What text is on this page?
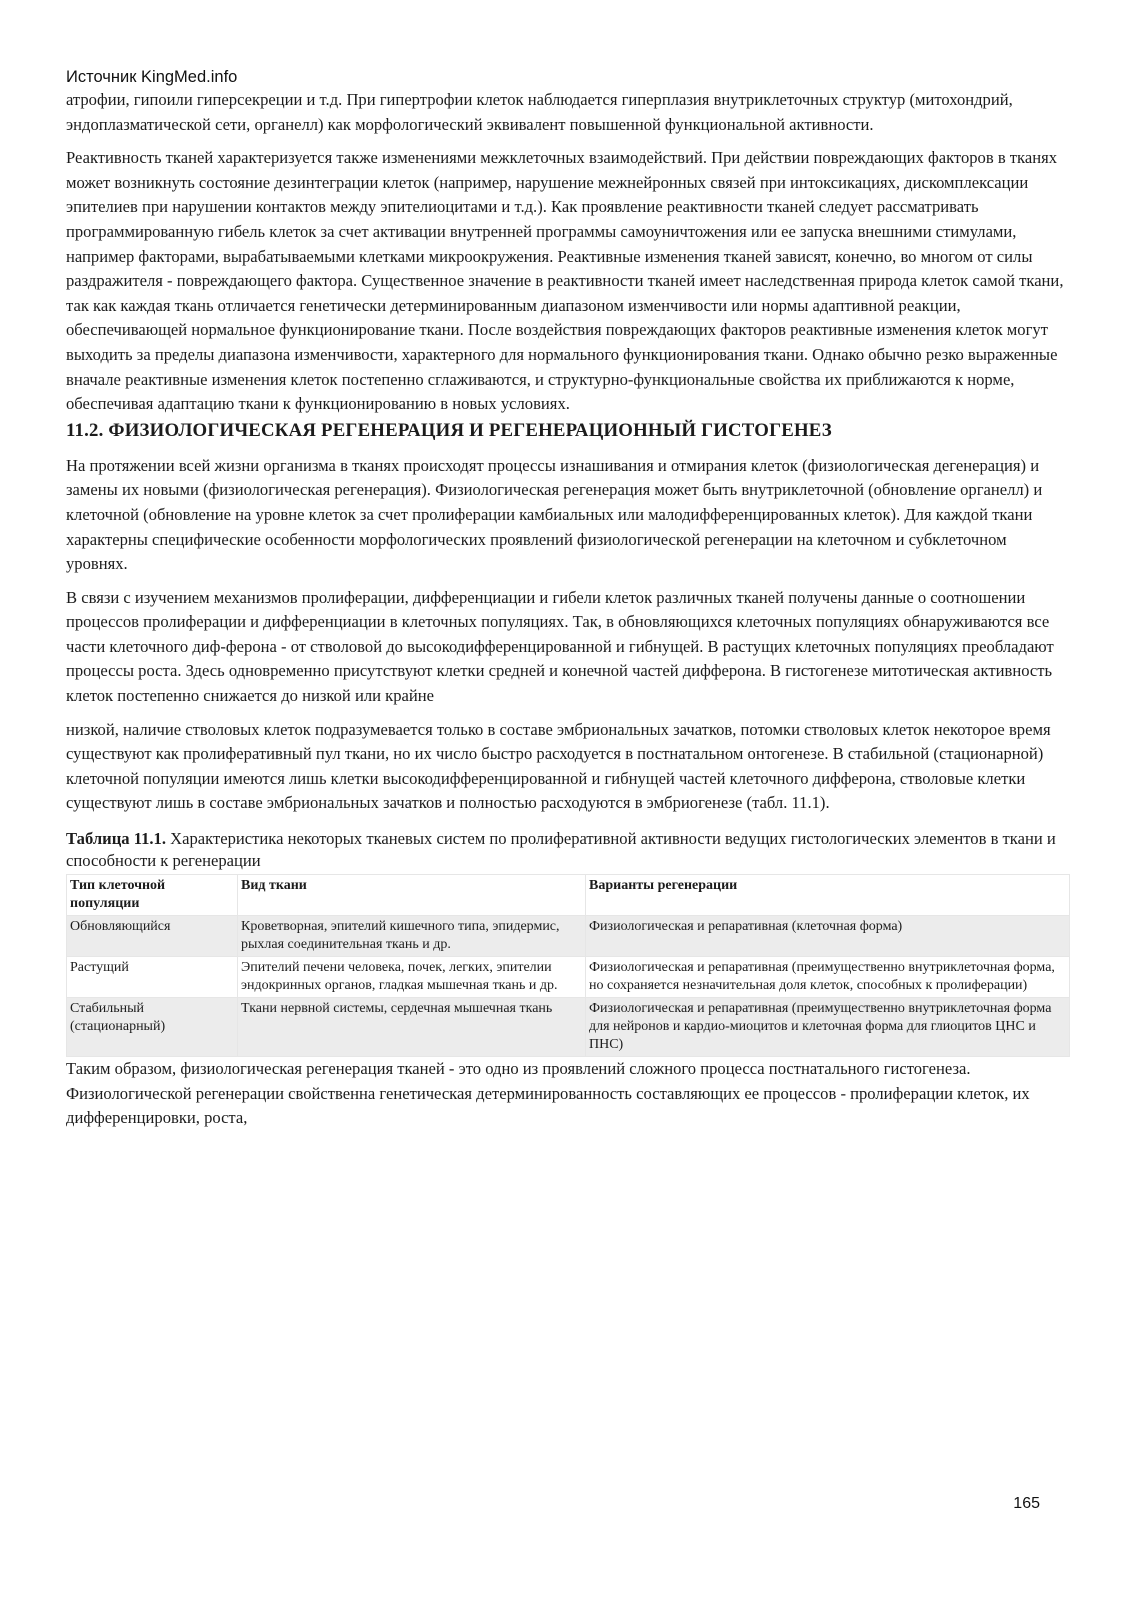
Источник KingMed.info

атрофии, гипоили гиперсекреции и т.д. При гипертрофии клеток наблюдается гиперплазия внутриклеточных структур (митохондрий, эндоплазматической сети, органелл) как морфологический эквивалент повышенной функциональной активности.

Реактивность тканей характеризуется также изменениями межклеточных взаимодействий. При действии повреждающих факторов в тканях может возникнуть состояние дезинтеграции клеток (например, нарушение межнейронных связей при интоксикациях, дискомплексации эпителиев при нарушении контактов между эпителиоцитами и т.д.). Как проявление реактивности тканей следует рассматривать программированную гибель клеток за счет активации внутренней программы самоуничтожения или ее запуска внешними стимулами, например факторами, вырабатываемыми клетками микроокружения. Реактивные изменения тканей зависят, конечно, во многом от силы раздражителя - повреждающего фактора. Существенное значение в реактивности тканей имеет наследственная природа клеток самой ткани, так как каждая ткань отличается генетически детерминированным диапазоном изменчивости или нормы адаптивной реакции, обеспечивающей нормальное функционирование ткани. После воздействия повреждающих факторов реактивные изменения клеток могут выходить за пределы диапазона изменчивости, характерного для нормального функционирования ткани. Однако обычно резко выраженные вначале реактивные изменения клеток постепенно сглаживаются, и структурно-функциональные свойства их приближаются к норме, обеспечивая адаптацию ткани к функционированию в новых условиях.

11.2. ФИЗИОЛОГИЧЕСКАЯ РЕГЕНЕРАЦИЯ И РЕГЕНЕРАЦИОННЫЙ ГИСТОГЕНЕЗ

На протяжении всей жизни организма в тканях происходят процессы изнашивания и отмирания клеток (физиологическая дегенерация) и замены их новыми (физиологическая регенерация). Физиологическая регенерация может быть внутриклеточной (обновление органелл) и клеточной (обновление на уровне клеток за счет пролиферации камбиальных или малодифференцированных клеток). Для каждой ткани характерны специфические особенности морфологических проявлений физиологической регенерации на клеточном и субклеточном уровнях.

В связи с изучением механизмов пролиферации, дифференциации и гибели клеток различных тканей получены данные о соотношении процессов пролиферации и дифференциации в клеточных популяциях. Так, в обновляющихся клеточных популяциях обнаруживаются все части клеточного диф-ферона - от стволовой до высокодифференцированной и гибнущей. В растущих клеточных популяциях преобладают процессы роста. Здесь одновременно присутствуют клетки средней и конечной частей дифферона. В гистогенезе митотическая активность клеток постепенно снижается до низкой или крайне

низкой, наличие стволовых клеток подразумевается только в составе эмбриональных зачатков, потомки стволовых клеток некоторое время существуют как пролиферативный пул ткани, но их число быстро расходуется в постнатальном онтогенезе. В стабильной (стационарной) клеточной популяции имеются лишь клетки высокодифференцированной и гибнущей частей клеточного дифферона, стволовые клетки существуют лишь в составе эмбриональных зачатков и полностью расходуются в эмбриогенезе (табл. 11.1).

Таблица 11.1. Характеристика некоторых тканевых систем по пролиферативной активности ведущих гистологических элементов в ткани и способности к регенерации
Тип клеточной популяции	Вид ткани	Варианты регенерации
Обновляющийся	Кроветворная, эпителий кишечного типа, эпидермис, рыхлая соединительная ткань и др.	Физиологическая и репаративная (клеточная форма)
Растущий	Эпителий печени человека, почек, легких, эпителии эндокринных органов, гладкая мышечная ткань и др.	Физиологическая и репаративная (преимущественно внутриклеточная форма, но сохраняется незначительная доля клеток, способных к пролиферации)
Стабильный (стационарный)	Ткани нервной системы, сердечная мышечная ткань	Физиологическая и репаративная (преимущественно внутриклеточная форма для нейронов и кардио-миоцитов и клеточная форма для глиоцитов ЦНС и ПНС)

Таким образом, физиологическая регенерация тканей - это одно из проявлений сложного процесса постнатального гистогенеза. Физиологической регенерации свойственна генетическая детерминированность составляющих ее процессов - пролиферации клеток, их дифференцировки, роста,

165
